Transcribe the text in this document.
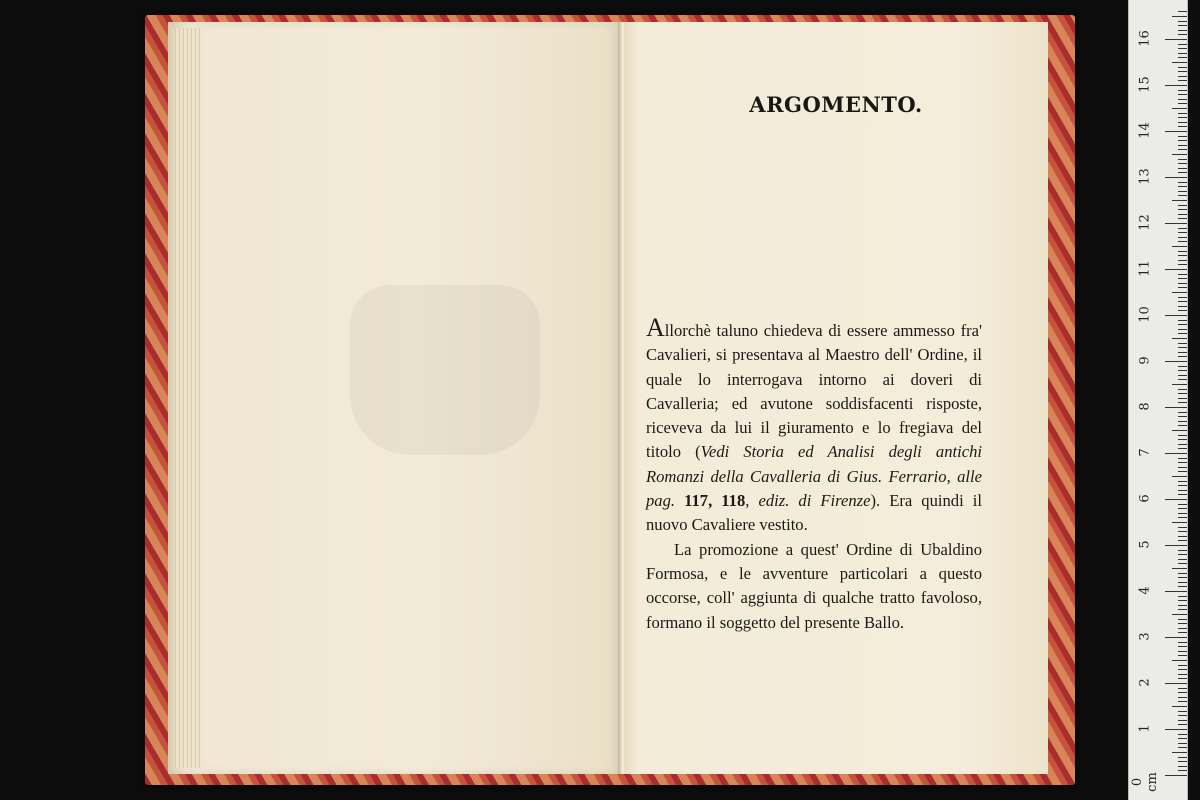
ARGOMENTO.

Allorchè taluno chiedeva di essere ammesso fra' Cavalieri, si presentava al Maestro dell' Ordine, il quale lo interrogava intorno ai doveri di Cavalleria; ed avutone soddisfacenti risposte, riceveva da lui il giuramento e lo fregiava del titolo (Vedi Storia ed Analisi degli antichi Romanzi della Cavalleria di Gius. Ferrario, alle pag. 117, 118, ediz. di Firenze). Era quindi il nuovo Cavaliere vestito.

La promozione a quest' Ordine di Ubaldino Formosa, e le avventure particolari a questo occorse, coll' aggiunta di qualche tratto favoloso, formano il soggetto del presente Ballo.

0 cm
1
2
3
4
5
6
7
8
9
10
11
12
13
14
15
16
